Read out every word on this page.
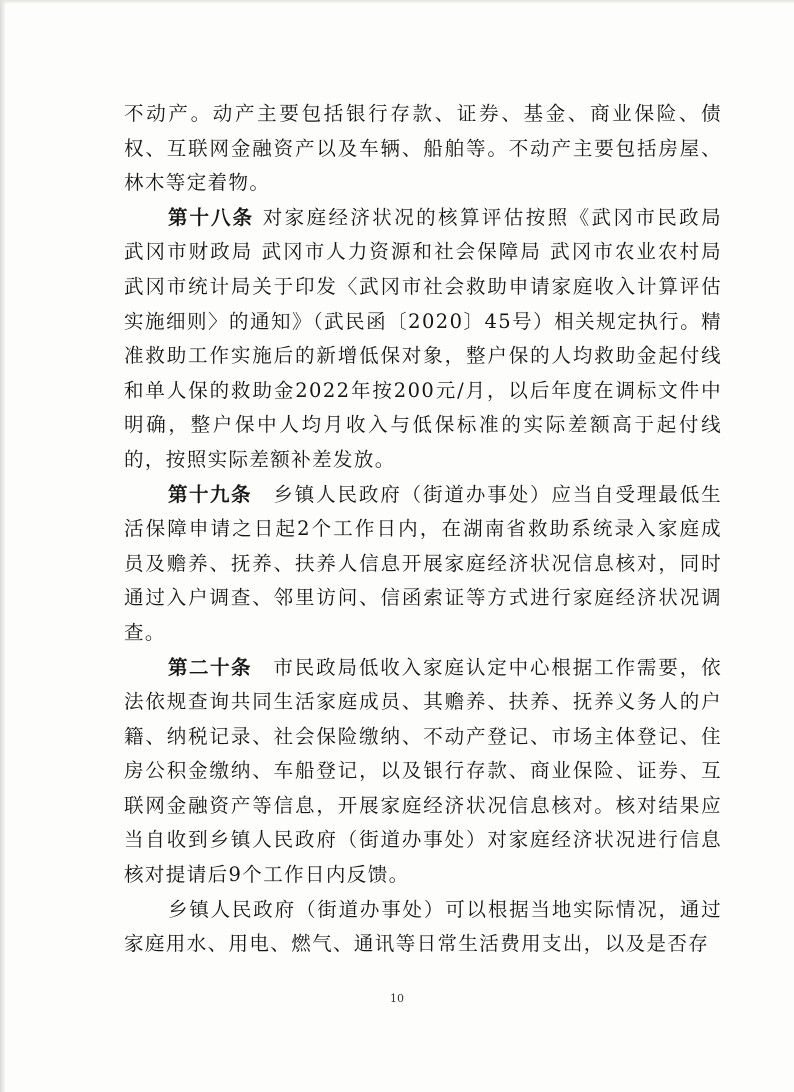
不动产。动产主要包括银行存款、证券、基金、商业保险、债权、互联网金融资产以及车辆、船舶等。不动产主要包括房屋、林木等定着物。

第十八条 对家庭经济状况的核算评估按照《武冈市民政局 武冈市财政局 武冈市人力资源和社会保障局 武冈市农业农村局 武冈市统计局关于印发〈武冈市社会救助申请家庭收入计算评估实施细则〉的通知》（武民函〔2020〕45号）相关规定执行。精准救助工作实施后的新增低保对象，整户保的人均救助金起付线和单人保的救助金2022年按200元/月，以后年度在调标文件中明确，整户保中人均月收入与低保标准的实际差额高于起付线的，按照实际差额补差发放。

第十九条　乡镇人民政府（街道办事处）应当自受理最低生活保障申请之日起2个工作日内，在湖南省救助系统录入家庭成员及赡养、抚养、扶养人信息开展家庭经济状况信息核对，同时通过入户调查、邻里访问、信函索证等方式进行家庭经济状况调查。

第二十条　市民政局低收入家庭认定中心根据工作需要，依法依规查询共同生活家庭成员、其赡养、扶养、抚养义务人的户籍、纳税记录、社会保险缴纳、不动产登记、市场主体登记、住房公积金缴纳、车船登记，以及银行存款、商业保险、证券、互联网金融资产等信息，开展家庭经济状况信息核对。核对结果应当自收到乡镇人民政府（街道办事处）对家庭经济状况进行信息核对提请后9个工作日内反馈。

乡镇人民政府（街道办事处）可以根据当地实际情况，通过家庭用水、用电、燃气、通讯等日常生活费用支出，以及是否存

10
